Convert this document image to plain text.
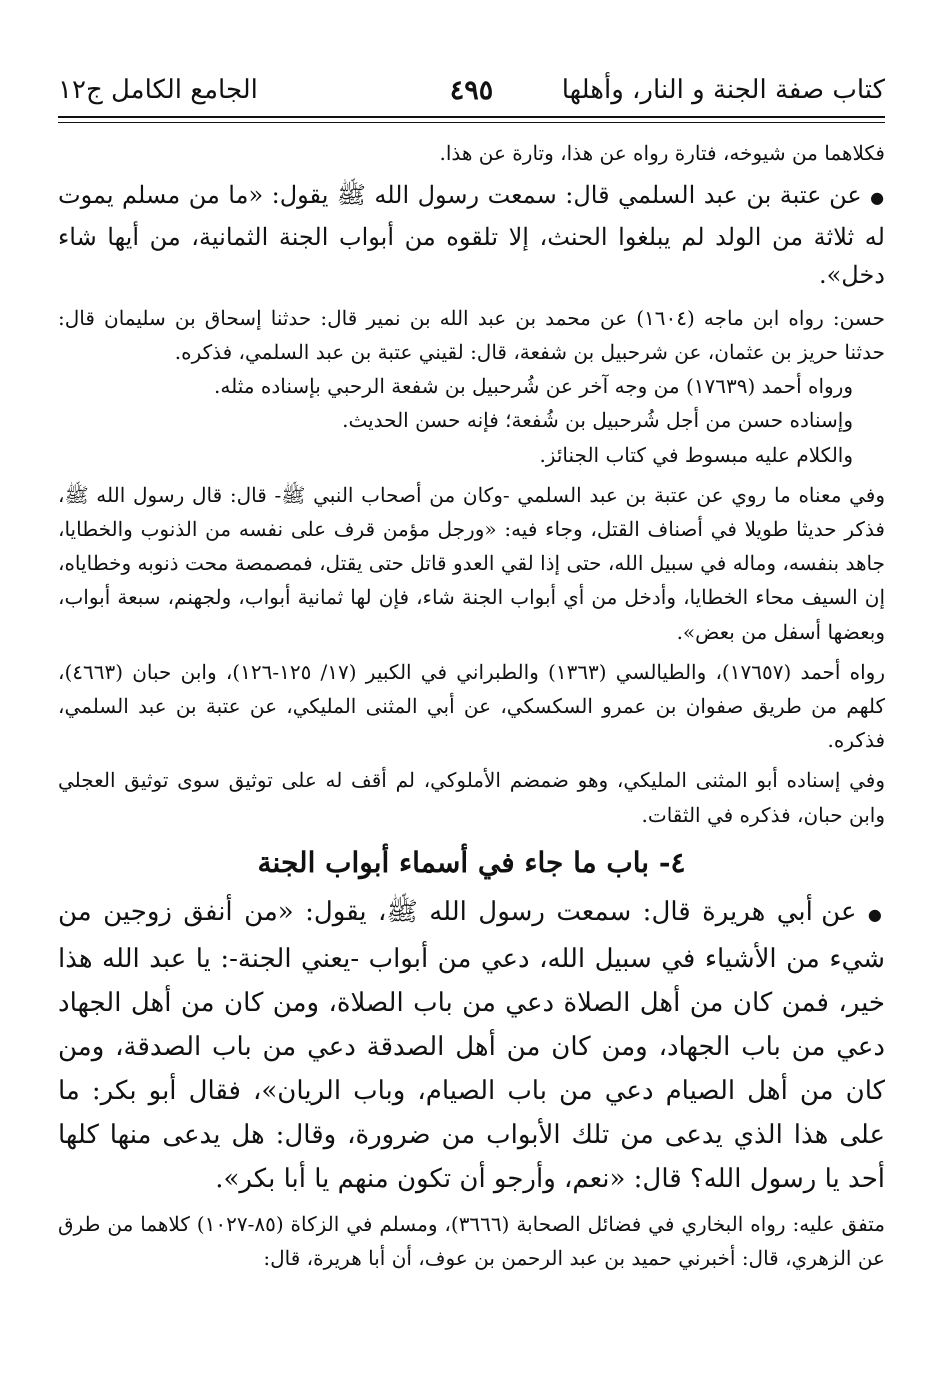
كتاب صفة الجنة و النار، وأهلها
٤٩٥
الجامع الكامل ج١٢

فكلاهما من شيوخه، فتارة رواه عن هذا، وتارة عن هذا.

● عن عتبة بن عبد السلمي قال: سمعت رسول الله ﷺ يقول: «ما من مسلم يموت له ثلاثة من الولد لم يبلغوا الحنث، إلا تلقوه من أبواب الجنة الثمانية، من أيها شاء دخل».

حسن: رواه ابن ماجه (١٦٠٤) عن محمد بن عبد الله بن نمير قال: حدثنا إسحاق بن سليمان قال: حدثنا حريز بن عثمان، عن شرحبيل بن شفعة، قال: لقيني عتبة بن عبد السلمي، فذكره.

ورواه أحمد (١٧٦٣٩) من وجه آخر عن شُرحبيل بن شفعة الرحبي بإسناده مثله.

وإسناده حسن من أجل شُرحبيل بن شُفعة؛ فإنه حسن الحديث.

والكلام عليه مبسوط في كتاب الجنائز.

وفي معناه ما روي عن عتبة بن عبد السلمي -وكان من أصحاب النبي ﷺ- قال: قال رسول الله ﷺ، فذكر حديثا طويلا في أصناف القتل، وجاء فيه: «ورجل مؤمن قرف على نفسه من الذنوب والخطايا، جاهد بنفسه، وماله في سبيل الله، حتى إذا لقي العدو قاتل حتى يقتل، فمصمصة محت ذنوبه وخطاياه، إن السيف محاء الخطايا، وأدخل من أي أبواب الجنة شاء، فإن لها ثمانية أبواب، ولجهنم، سبعة أبواب، وبعضها أسفل من بعض».

رواه أحمد (١٧٦٥٧)، والطيالسي (١٣٦٣) والطبراني في الكبير (١٧/ ١٢٥-١٢٦)، وابن حبان (٤٦٦٣)، كلهم من طريق صفوان بن عمرو السكسكي، عن أبي المثنى المليكي، عن عتبة بن عبد السلمي، فذكره.

وفي إسناده أبو المثنى المليكي، وهو ضمضم الأملوكي، لم أقف له على توثيق سوى توثيق العجلي وابن حبان، فذكره في الثقات.

٤- باب ما جاء في أسماء أبواب الجنة

● عن أبي هريرة قال: سمعت رسول الله ﷺ، يقول: «من أنفق زوجين من شيء من الأشياء في سبيل الله، دعي من أبواب -يعني الجنة-: يا عبد الله هذا خير، فمن كان من أهل الصلاة دعي من باب الصلاة، ومن كان من أهل الجهاد دعي من باب الجهاد، ومن كان من أهل الصدقة دعي من باب الصدقة، ومن كان من أهل الصيام دعي من باب الصيام، وباب الريان»، فقال أبو بكر: ما على هذا الذي يدعى من تلك الأبواب من ضرورة، وقال: هل يدعى منها كلها أحد يا رسول الله؟ قال: «نعم، وأرجو أن تكون منهم يا أبا بكر».

متفق عليه: رواه البخاري في فضائل الصحابة (٣٦٦٦)، ومسلم في الزكاة (٨٥-١٠٢٧) كلاهما من طرق عن الزهري، قال: أخبرني حميد بن عبد الرحمن بن عوف، أن أبا هريرة، قال:
